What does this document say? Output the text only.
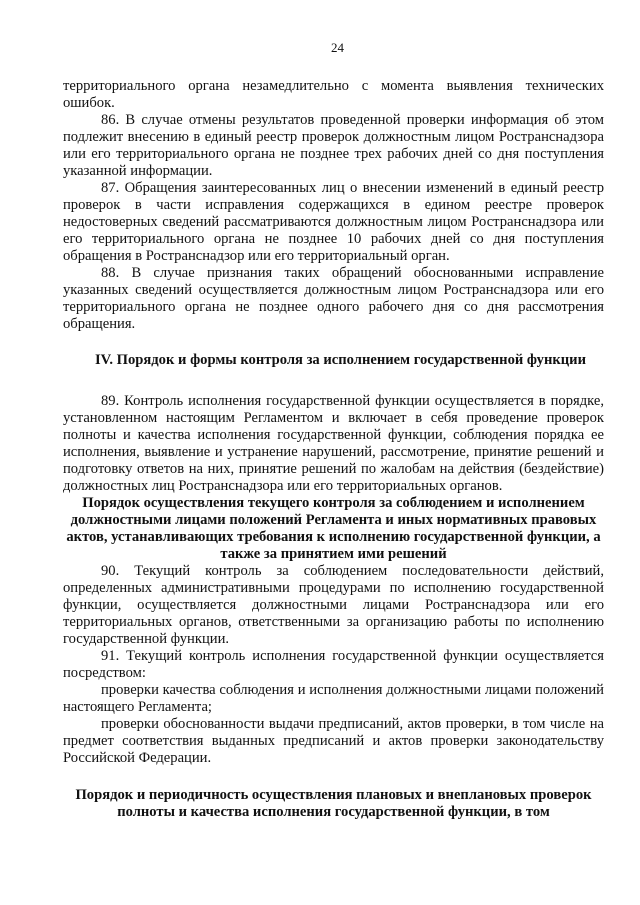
24

территориального органа незамедлительно с момента выявления технических ошибок.

86. В случае отмены результатов проведенной проверки информация об этом подлежит внесению в единый реестр проверок должностным лицом Ространснадзора или его территориального органа не позднее трех рабочих дней со дня поступления указанной информации.

87. Обращения заинтересованных лиц о внесении изменений в единый реестр проверок в части исправления содержащихся в едином реестре проверок недостоверных сведений рассматриваются должностным лицом Ространснадзора или его территориального органа не позднее 10 рабочих дней со дня поступления обращения в Ространснадзор или его территориальный орган.

88. В случае признания таких обращений обоснованными исправление указанных сведений осуществляется должностным лицом Ространснадзора или его территориального органа не позднее одного рабочего дня со дня рассмотрения обращения.

IV. Порядок и формы контроля за исполнением государственной функции

89. Контроль исполнения государственной функции осуществляется в порядке, установленном настоящим Регламентом и включает в себя проведение проверок полноты и качества исполнения государственной функции, соблюдения порядка ее исполнения, выявление и устранение нарушений, рассмотрение, принятие решений и подготовку ответов на них, принятие решений по жалобам на действия (бездействие) должностных лиц Ространснадзора или его территориальных органов.

Порядок осуществления текущего контроля за соблюдением и исполнением должностными лицами положений Регламента и иных нормативных правовых актов, устанавливающих требования к исполнению государственной функции, а также за принятием ими решений

90. Текущий контроль за соблюдением последовательности действий, определенных административными процедурами по исполнению государственной функции, осуществляется должностными лицами Ространснадзора или его территориальных органов, ответственными за организацию работы по исполнению государственной функции.

91. Текущий контроль исполнения государственной функции осуществляется посредством:

проверки качества соблюдения и исполнения должностными лицами положений настоящего Регламента;

проверки обоснованности выдачи предписаний, актов проверки, в том числе на предмет соответствия выданных предписаний и актов проверки законодательству Российской Федерации.

Порядок и периодичность осуществления плановых и внеплановых проверок полноты и качества исполнения государственной функции, в том
